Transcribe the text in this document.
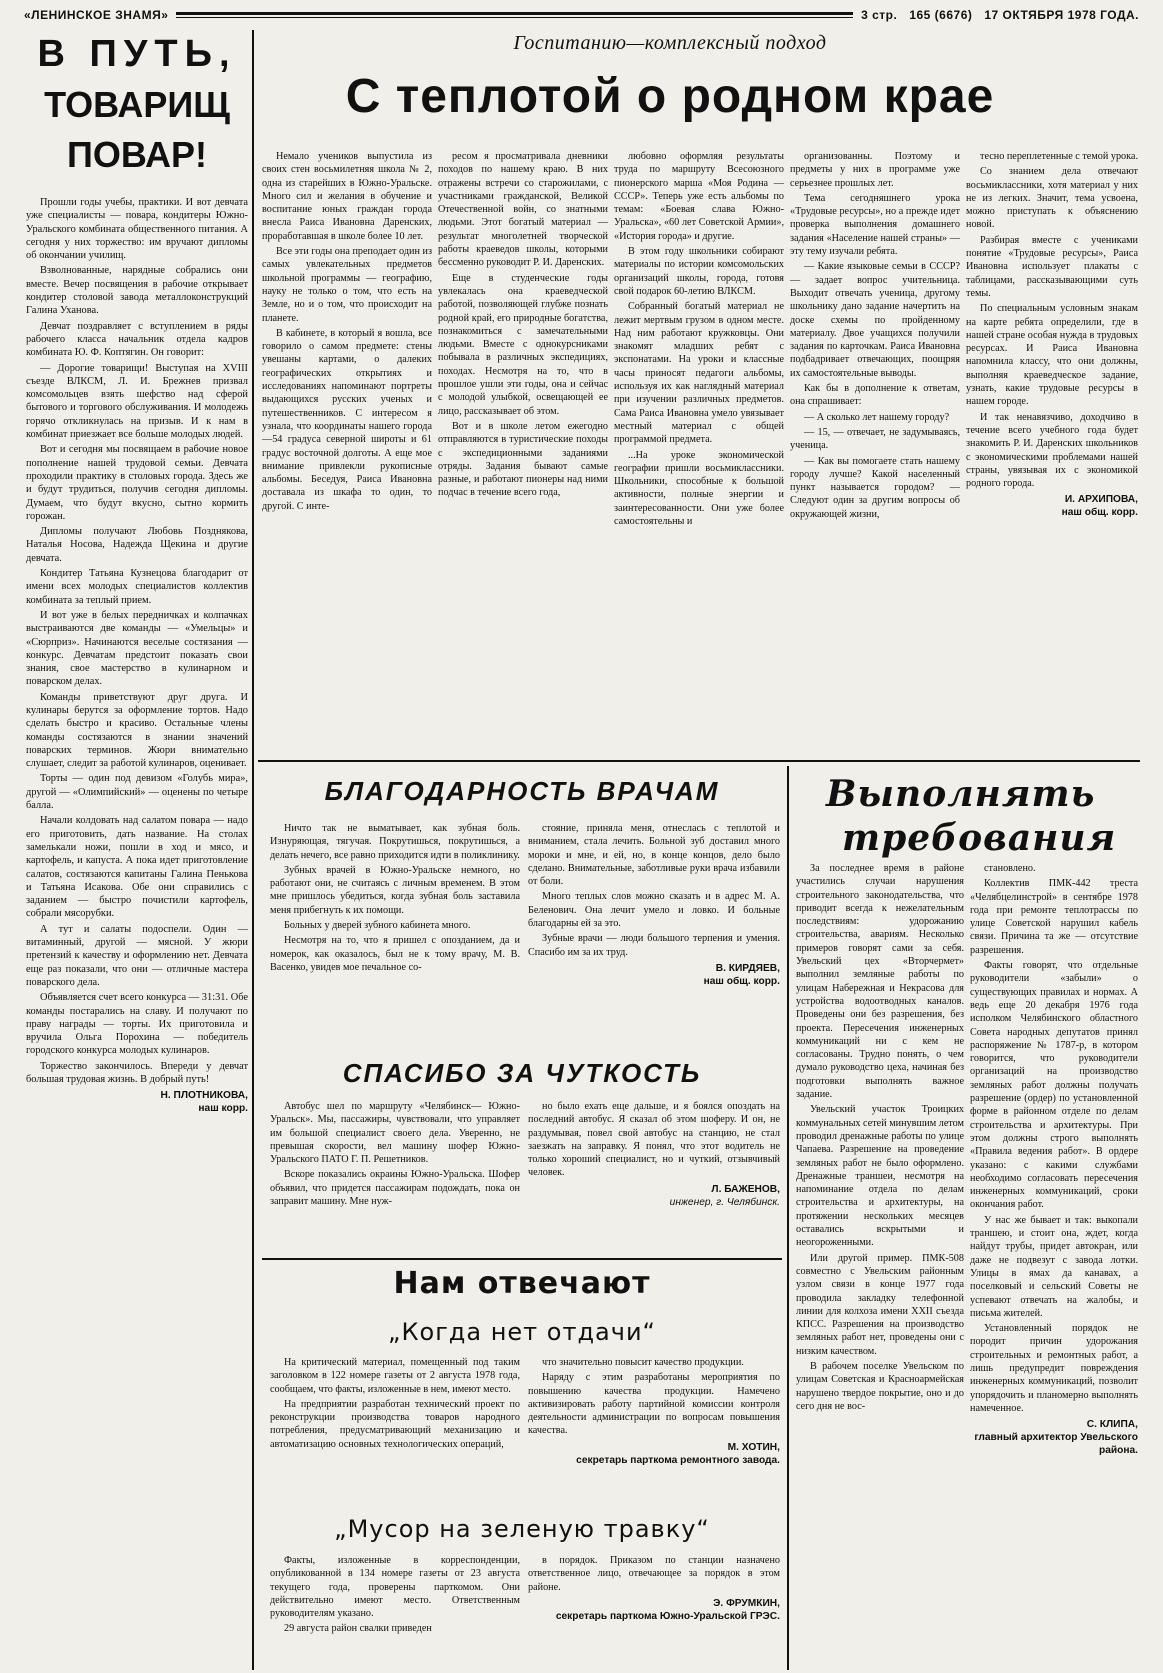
«ЛЕНИНСКОЕ ЗНАМЯ»	3 стр. 165 (6676) 17 ОКТЯБРЯ 1978 ГОДА.
В ПУТЬ,
ТОВАРИЩ
ПОВАР!

Прошли годы учебы, практики. И вот девчата уже специалисты — повара, кондитеры Южно-Уральского комбината общественного питания. А сегодня у них торжество: им вручают дипломы об окончании училищ.

Взволнованные, нарядные собрались они вместе. Вечер посвящения в рабочие открывает кондитер столовой завода металлоконструкций Галина Уханова.

Девчат поздравляет с вступлением в ряды рабочего класса начальник отдела кадров комбината Ю. Ф. Коптягин. Он говорит:

— Дорогие товарищи! Выступая на XVIII съезде ВЛКСМ, Л. И. Брежнев призвал комсомольцев взять шефство над сферой бытового и торгового обслуживания. И молодежь горячо откликнулась на призыв. И к нам в комбинат приезжает все больше молодых людей.

Вот и сегодня мы посвящаем в рабочие новое пополнение нашей трудовой семьи. Девчата проходили практику в столовых города. Здесь же и будут трудиться, получив сегодня дипломы. Думаем, что будут вкусно, сытно кормить горожан.

Дипломы получают Любовь Позднякова, Наталья Носова, Надежда Щекина и другие девчата.

Кондитер Татьяна Кузнецова благодарит от имени всех молодых специалистов коллектив комбината за теплый прием.

И вот уже в белых передничках и колпачках выстраиваются две команды — «Умельцы» и «Сюрприз». Начинаются веселые состязания — конкурс. Девчатам предстоит показать свои знания, свое мастерство в кулинарном и поварском делах.

Команды приветствуют друг друга. И кулинары берутся за оформление тортов. Надо сделать быстро и красиво. Остальные члены команды состязаются в знании значений поварских терминов. Жюри внимательно слушает, следит за работой кулинаров, оценивает.

Торты — один под девизом «Голубь мира», другой — «Олимпийский» — оценены по четыре балла.

Начали колдовать над салатом повара — надо его приготовить, дать название. На столах замелькали ножи, пошли в ход и мясо, и картофель, и капуста. А пока идет приготовление салатов, состязаются капитаны Галина Пенькова и Татьяна Исакова. Обе они справились с заданием — быстро почистили картофель, собрали мясорубки.

А тут и салаты подоспели. Один — витаминный, другой — мясной. У жюри претензий к качеству и оформлению нет. Девчата еще раз показали, что они — отличные мастера поварского дела.

Объявляется счет всего конкурса — 31:31. Обе команды постарались на славу. И получают по праву награды — торты. Их приготовила и вручила Ольга Порохина — победитель городского конкурса молодых кулинаров.

Торжество закончилось. Впереди у девчат большая трудовая жизнь. В добрый путь!

Н. ПЛОТНИКОВА,
наш корр.
Госпитанию—комплексный подход
С теплотой о родном крае

Немало учеников выпустила из своих стен восьмилетняя школа № 2, одна из старейших в Южно-Уральске. Много сил и желания в обучение и воспитание юных граждан города внесла Раиса Ивановна Даренских, проработавшая в школе более 10 лет.

Все эти годы она преподает один из самых увлекательных предметов школьной программы — географию, науку не только о том, что есть на Земле, но и о том, что происходит на планете.

В кабинете, в который я вошла, все говорило о самом предмете: стены увешаны картами, о далеких географических открытиях и исследованиях напоминают портреты выдающихся русских ученых и путешественников. С интересом я узнала, что координаты нашего города —54 градуса северной широты и 61 градус восточной долготы. А еще мое внимание привлекли рукописные альбомы. Беседуя, Раиса Ивановна доставала из шкафа то один, то другой. С инте-

ресом я просматривала дневники походов по нашему краю. В них отражены встречи со старожилами, с участниками гражданской, Великой Отечественной войн, со знатными людьми. Этот богатый материал — результат многолетней творческой работы краеведов школы, которыми бессменно руководит Р. И. Даренских.

Еще в студенческие годы увлекалась она краеведческой работой, позволяющей глубже познать родной край, его природные богатства, познакомиться с замечательными людьми. Вместе с однокурсниками побывала в различных экспедициях, походах. Несмотря на то, что в прошлое ушли эти годы, она и сейчас с молодой улыбкой, освещающей ее лицо, рассказывает об этом.

Вот и в школе летом ежегодно отправляются в туристические походы с экспедиционными заданиями отряды. Задания бывают самые разные, и работают пионеры над ними подчас в течение всего года,

любовно оформляя результаты труда по маршруту Всесоюзного пионерского марша «Моя Родина — СССР». Теперь уже есть альбомы по темам: «Боевая слава Южно-Уральска», «60 лет Советской Армии», «История города» и другие.

В этом году школьники собирают материалы по истории комсомольских организаций школы, города, готовя свой подарок 60-летию ВЛКСМ.

Собранный богатый материал не лежит мертвым грузом в одном месте. Над ним работают кружковцы. Они знакомят младших ребят с экспонатами. На уроки и классные часы приносят педагоги альбомы, используя их как наглядный материал при изучении различных предметов. Сама Раиса Ивановна умело увязывает местный материал с общей программой предмета.

...На уроке экономической географии пришли восьмиклассники. Школьники, способные к большой активности, полные энергии и заинтересованности. Они уже более самостоятельны и

организованны. Поэтому и предметы у них в программе уже серьезнее прошлых лет.

Тема сегодняшнего урока «Трудовые ресурсы», но а прежде идет проверка выполнения домашнего задания «Население нашей страны» — эту тему изучали ребята.

— Какие языковые семьи в СССР? — задает вопрос учительница. Выходит отвечать ученица, другому школьнику дано задание начертить на доске схемы по пройденному материалу. Двое учащихся получили задания по карточкам. Раиса Ивановна подбадривает отвечающих, поощряя их самостоятельные выводы.

Как бы в дополнение к ответам, она спрашивает:

— А сколько лет нашему городу?

— 15, — отвечает, не задумываясь, ученица.

— Как вы помогаете стать нашему городу лучше? Какой населенный пункт называется городом? — Следуют один за другим вопросы об окружающей жизни,

тесно переплетенные с темой урока.

Со знанием дела отвечают восьмиклассники, хотя материал у них не из легких. Значит, тема усвоена, можно приступать к объяснению новой.

Разбирая вместе с учениками понятие «Трудовые ресурсы», Раиса Ивановна использует плакаты с таблицами, рассказывающими суть темы.

По специальным условным знакам на карте ребята определили, где в нашей стране особая нужда в трудовых ресурсах. И Раиса Ивановна напомнила классу, что они должны, выполняя краеведческое задание, узнать, какие трудовые ресурсы в нашем городе.

И так ненавязчиво, доходчиво в течение всего учебного года будет знакомить Р. И. Даренских школьников с экономическими проблемами нашей страны, увязывая их с экономикой родного города.

И. АРХИПОВА,
наш общ. корр.
БЛАГОДАРНОСТЬ ВРАЧАМ

Ничто так не выматывает, как зубная боль. Изнуряющая, тягучая. Покрутишься, покрутишься, а делать нечего, все равно приходится идти в поликлинику.

Зубных врачей в Южно-Уральске немного, но работают они, не считаясь с личным временем. В этом мне пришлось убедиться, когда зубная боль заставила меня прибегнуть к их помощи.

Больных у дверей зубного кабинета много.

Несмотря на то, что я пришел с опозданием, да и номерок, как оказалось, был не к тому врачу, М. В. Васенко, увидев мое печальное со-

стояние, приняла меня, отнеслась с теплотой и вниманием, стала лечить. Больной зуб доставил много мороки и мне, и ей, но, в конце концов, дело было сделано. Внимательные, заботливые руки врача избавили от боли.

Много теплых слов можно сказать и в адрес М. А. Беленович. Она лечит умело и ловко. И больные благодарны ей за это.

Зубные врачи — люди большого терпения и умения. Спасибо им за их труд.

В. КИРДЯЕВ,
наш общ. корр.
СПАСИБО ЗА ЧУТКОСТЬ

Автобус шел по маршруту «Челябинск— Южно-Уральск». Мы, пассажиры, чувствовали, что управляет им большой специалист своего дела. Уверенно, не превышая скорости, вел машину шофер Южно-Уральского ПАТО Г. П. Решетников.

Вскоре показались окраины Южно-Уральска. Шофер объявил, что придется пассажирам подождать, пока он заправит машину. Мне нуж-

но было ехать еще дальше, и я боялся опоздать на последний автобус. Я сказал об этом шоферу. И он, не раздумывая, повел свой автобус на станцию, не стал заезжать на заправку. Я понял, что этот водитель не только хороший специалист, но и чуткий, отзывчивый человек.

Л. БАЖЕНОВ,
инженер, г. Челябинск.
Нам отвечают
„Когда нет отдачи“

На критический материал, помещенный под таким заголовком в 122 номере газеты от 2 августа 1978 года, сообщаем, что факты, изложенные в нем, имеют место.

На предприятии разработан технический проект по реконструкции производства товаров народного потребления, предусматривающий механизацию и автоматизацию основных технологических операций,

что значительно повысит качество продукции.

Наряду с этим разработаны мероприятия по повышению качества продукции. Намечено активизировать работу партийной комиссии контроля деятельности администрации по вопросам повышения качества.

М. ХОТИН,
секретарь парткома ремонтного завода.
„Мусор на зеленую травку“

Факты, изложенные в корреспонденции, опубликованной в 134 номере газеты от 23 августа текущего года, проверены парткомом. Они действительно имеют место. Ответственным руководителям указано.

29 августа район свалки приведен

в порядок. Приказом по станции назначено ответственное лицо, отвечающее за порядок в этом районе.

Э. ФРУМКИН,
секретарь парткома Южно-Уральской ГРЭС.
Выполнять
требования

За последнее время в районе участились случаи нарушения строительного законодательства, что приводит всегда к нежелательным последствиям: удорожанию строительства, авариям. Несколько примеров говорят сами за себя. Увельский цех «Вторчермет» выполнил земляные работы по улицам Набережная и Некрасова для устройства водоотводных каналов. Проведены они без разрешения, без проекта. Пересечения инженерных коммуникаций ни с кем не согласованы. Трудно понять, о чем думало руководство цеха, начиная без подготовки выполнять важное задание.

Увельский участок Троицких коммунальных сетей минувшим летом проводил дренажные работы по улице Чапаева. Разрешение на проведение земляных работ не было оформлено. Дренажные траншеи, несмотря на напоминание отдела по делам строительства и архитектуры, на протяжении нескольких месяцев оставались вскрытыми и неогороженными.

Или другой пример. ПМК-508 совместно с Увельским районным узлом связи в конце 1977 года проводила закладку телефонной линии для колхоза имени XXII съезда КПСС. Разрешения на производство земляных работ нет, проведены они с низким качеством.

В рабочем поселке Увельском по улицам Советская и Красноармейская нарушено твердое покрытие, оно и до сего дня не вос-

становлено.

Коллектив ПМК-442 треста «Челябцелинстрой» в сентябре 1978 года при ремонте теплотрассы по улице Советской нарушил кабель связи. Причина та же — отсутствие разрешения.

Факты говорят, что отдельные руководители «забыли» о существующих правилах и нормах. А ведь еще 20 декабря 1976 года исполком Челябинского областного Совета народных депутатов принял распоряжение № 1787-р, в котором говорится, что руководители организаций на производство земляных работ должны получать разрешение (ордер) по установленной форме в районном отделе по делам строительства и архитектуры. При этом должны строго выполнять «Правила ведения работ». В ордере указано: с какими службами необходимо согласовать пересечения инженерных коммуникаций, сроки окончания работ.

У нас же бывает и так: выкопали траншею, и стоит она, ждет, когда найдут трубы, придет автокран, или даже не подвезут с завода лотки. Улицы в ямах да канавах, а поселковый и сельский Советы не успевают отвечать на жалобы, и письма жителей.

Установленный порядок не породит причин удорожания строительных и ремонтных работ, а лишь предупредит повреждения инженерных коммуникаций, позволит упорядочить и планомерно выполнять намеченное.

С. КЛИПА,
главный архитектор Увельского района.
